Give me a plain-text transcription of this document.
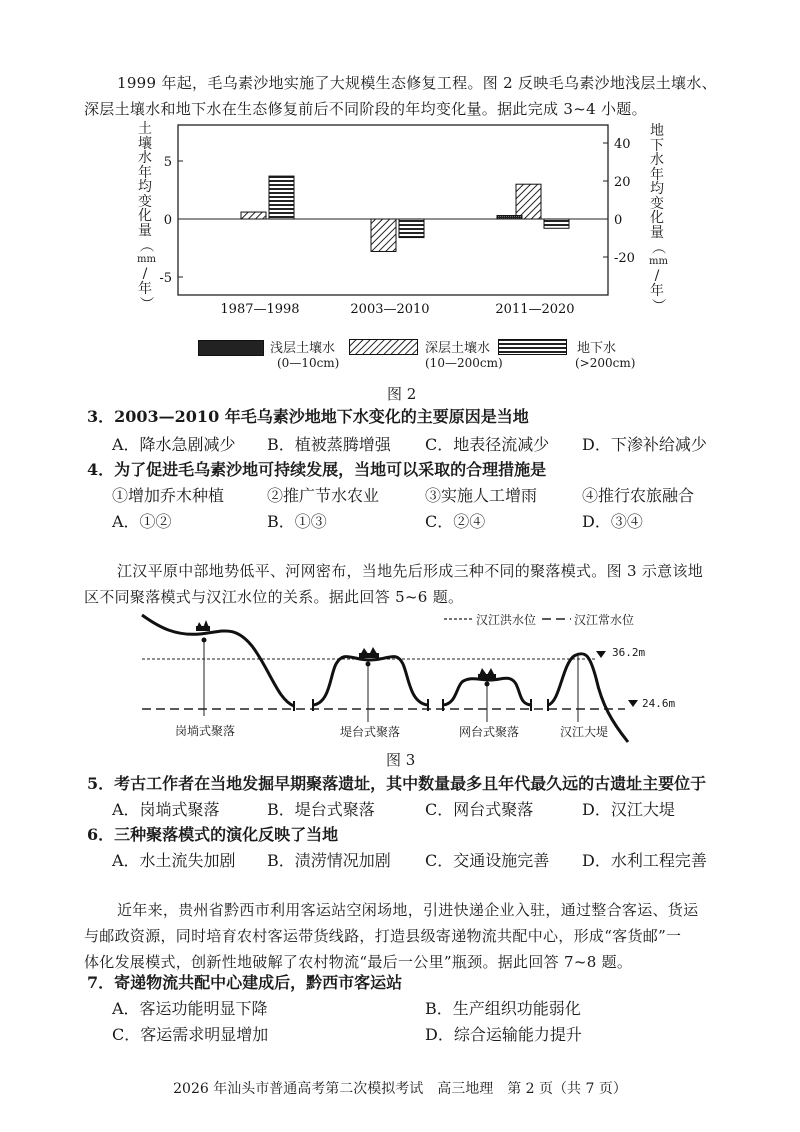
1999 年起，毛乌素沙地实施了大规模生态修复工程。图 2 反映毛乌素沙地浅层土壤水、
深层土壤水和地下水在生态修复前后不同阶段的年均变化量。据此完成 3~4 小题。
5
0
-5
40
20
0
-20
1987—1998	2003—2010	2011—2020
土
壤
水
年
均
变
化
量
（
mm
/
年
）
地
下
水
年
均
变
化
量
（
mm
/
年
）
浅层土壤水
(0—10cm)
深层土壤水
(10—200cm)
地下水
(>200cm)
图 2
3．2003—2010 年毛乌素沙地地下水变化的主要原因是当地
A．降水急剧减少 B．植被蒸腾增强 C．地表径流减少 D．下渗补给减少
4．为了促进毛乌素沙地可持续发展，当地可以采取的合理措施是
①增加乔木种植	②推广节水农业	③实施人工增雨	④推行农旅融合
A．①②	B．①③	C．②④	D．③④
江汉平原中部地势低平、河网密布，当地先后形成三种不同的聚落模式。图 3 示意该地
区不同聚落模式与汉江水位的关系。据此回答 5~6 题。
汉江洪水位	汉江常水位
36.2m
24.6m
岗埫式聚落	堤台式聚落	网台式聚落	汉江大堤
图 3
5．考古工作者在当地发掘早期聚落遗址，其中数量最多且年代最久远的古遗址主要位于
A．岗埫式聚落	B．堤台式聚落	C．网台式聚落	D．汉江大堤
6．三种聚落模式的演化反映了当地
A．水土流失加剧 B．渍涝情况加剧 C．交通设施完善 D．水利工程完善
近年来，贵州省黔西市利用客运站空闲场地，引进快递企业入驻，通过整合客运、货运
与邮政资源，同时培育农村客运带货线路，打造县级寄递物流共配中心，形成“客货邮”一
体化发展模式，创新性地破解了农村物流“最后一公里”瓶颈。据此回答 7~8 题。
7．寄递物流共配中心建成后，黔西市客运站
A．客运功能明显下降	B．生产组织功能弱化
C．客运需求明显增加	D．综合运输能力提升
2026 年汕头市普通高考第二次模拟考试　高三地理　第 2 页（共 7 页）
